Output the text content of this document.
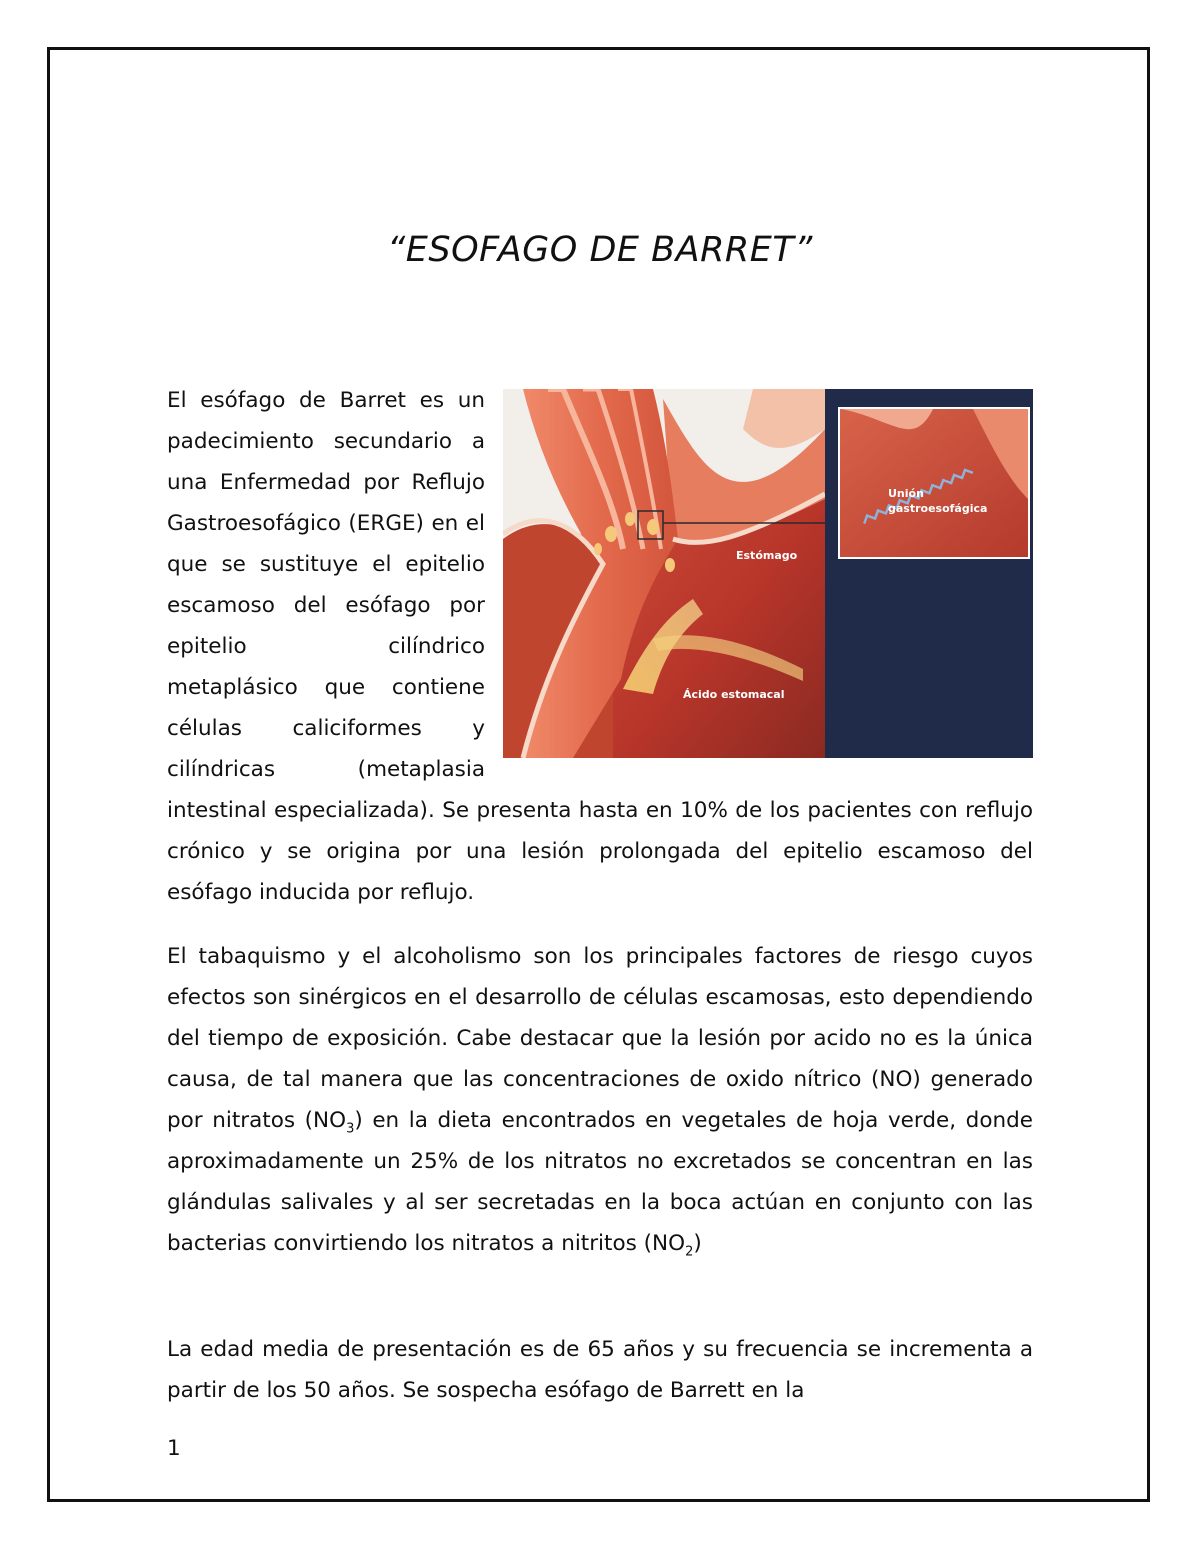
“ESOFAGO DE BARRET”

Estómago
Ácido estomacal
Unión
gastroesofágica
El esófago de Barret es un padecimiento secundario a una Enfermedad por Reflujo Gastroesofágico (ERGE) en el que se sustituye el epitelio escamoso del esófago por epitelio cilíndrico metaplásico que contiene células caliciformes y cilíndricas (metaplasia intestinal especializada). Se presenta hasta en 10% de los pacientes con reflujo crónico y se origina por una lesión prolongada del epitelio escamoso del esófago inducida por reflujo.

El tabaquismo y el alcoholismo son los principales factores de riesgo cuyos efectos son sinérgicos en el desarrollo de células escamosas, esto dependiendo del tiempo de exposición. Cabe destacar que la lesión por acido no es la única causa, de tal manera que las concentraciones de oxido nítrico (NO) generado por nitratos $(NO_3)$ en la dieta encontrados en vegetales de hoja verde, donde aproximadamente un 25% de los nitratos no excretados se concentran en las glándulas salivales y al ser secretadas en la boca actúan en conjunto con las bacterias convirtiendo los nitratos a nitritos $(NO_2)$

La edad media de presentación es de 65 años y su frecuencia se incrementa a partir de los 50 años. Se sospecha esófago de Barrett en la

1
